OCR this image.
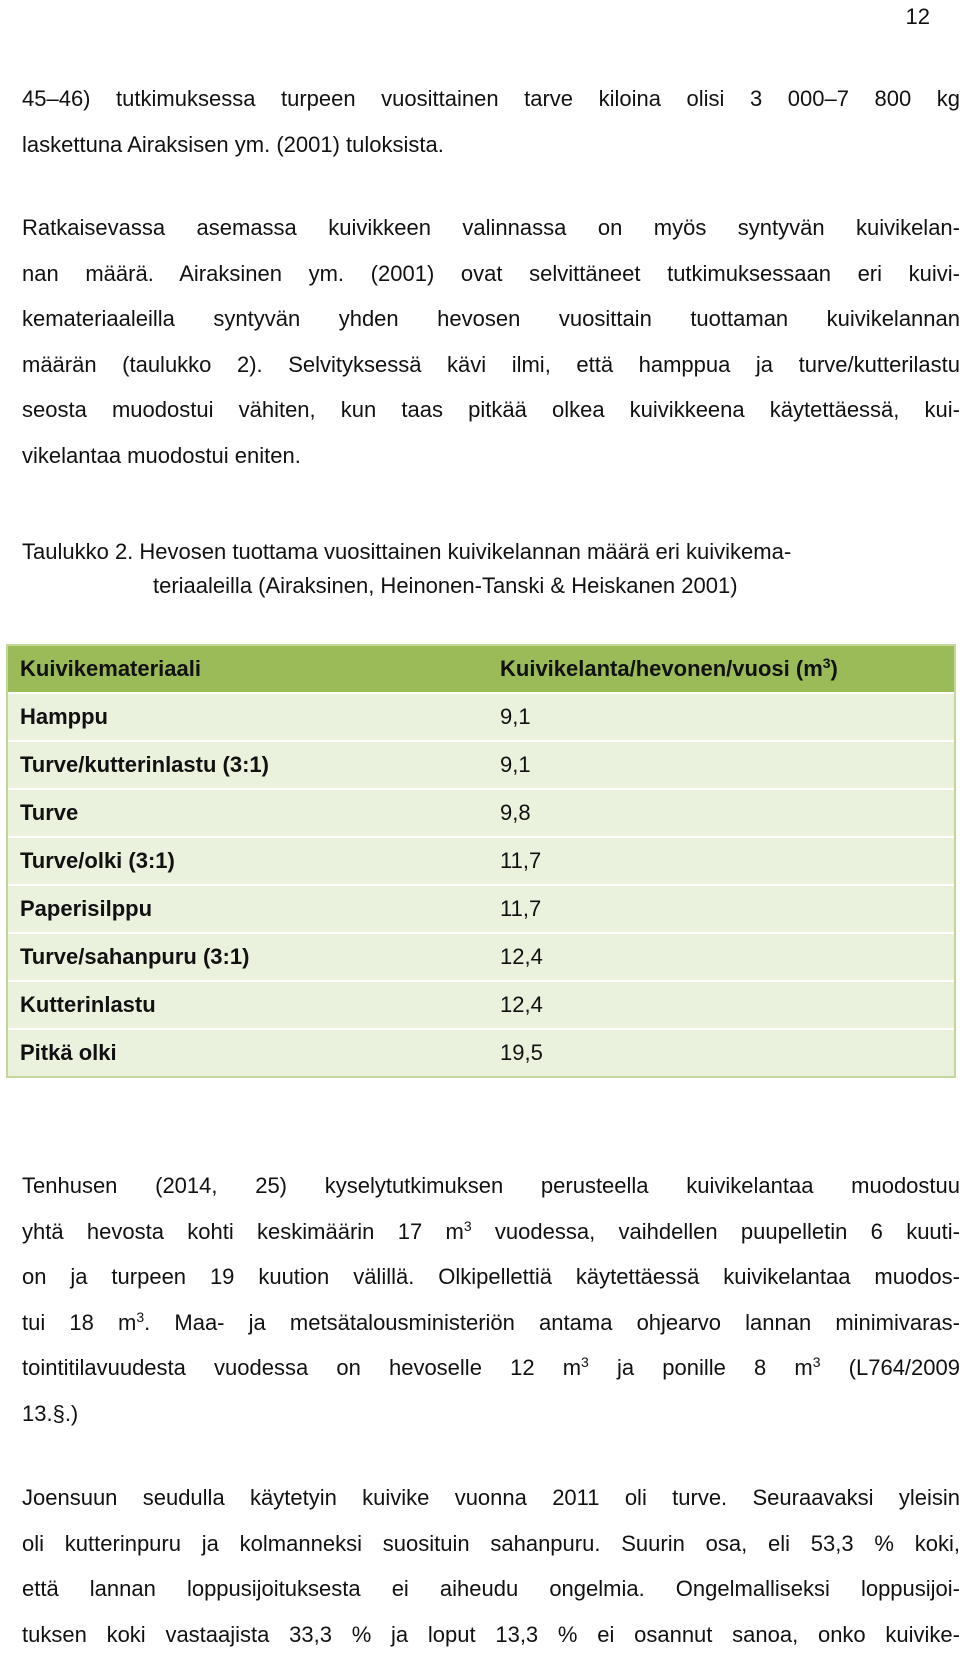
12
45–46) tutkimuksessa turpeen vuosittainen tarve kiloina olisi 3 000–7 800 kg
laskettuna Airaksisen ym. (2001) tuloksista.
Ratkaisevassa asemassa kuivikkeen valinnassa on myös syntyvän kuivikelan-
nan määrä. Airaksinen ym. (2001) ovat selvittäneet tutkimuksessaan eri kuivi-
kemateriaaleilla syntyvän yhden hevosen vuosittain tuottaman kuivikelannan
määrän (taulukko 2). Selvityksessä kävi ilmi, että hamppua ja turve/kutterilastu
seosta muodostui vähiten, kun taas pitkää olkea kuivikkeena käytettäessä, kui-
vikelantaa muodostui eniten.
Taulukko 2. Hevosen tuottama vuosittainen kuivikelannan määrä eri kuivikema-
teriaaleilla (Airaksinen, Heinonen-Tanski & Heiskanen 2001)
Kuivikemateriaali	Kuivikelanta/hevonen/vuosi $(m^3)$
Hamppu	9,1
Turve/kutterinlastu (3:1)	9,1
Turve	9,8
Turve/olki (3:1)	11,7
Paperisilppu	11,7
Turve/sahanpuru (3:1)	12,4
Kutterinlastu	12,4
Pitkä olki	19,5
Tenhusen (2014, 25) kyselytutkimuksen perusteella kuivikelantaa muodostuu
yhtä hevosta kohti keskimäärin 17 $m^3$ vuodessa, vaihdellen puupelletin 6 kuuti-
on ja turpeen 19 kuution välillä. Olkipellettiä käytettäessä kuivikelantaa muodos-
tui 18 $m^3$. Maa- ja metsätalousministeriön antama ohjearvo lannan minimivaras-
tointitilavuudesta vuodessa on hevoselle 12 $m^3$ ja ponille 8 $m^3$ (L764/2009
13.§.)
Joensuun seudulla käytetyin kuivike vuonna 2011 oli turve. Seuraavaksi yleisin
oli kutterinpuru ja kolmanneksi suosituin sahanpuru. Suurin osa, eli 53,3 % koki,
että lannan loppusijoituksesta ei aiheudu ongelmia. Ongelmalliseksi loppusijoi-
tuksen koki vastaajista 33,3 % ja loput 13,3 % ei osannut sanoa, onko kuivike-
